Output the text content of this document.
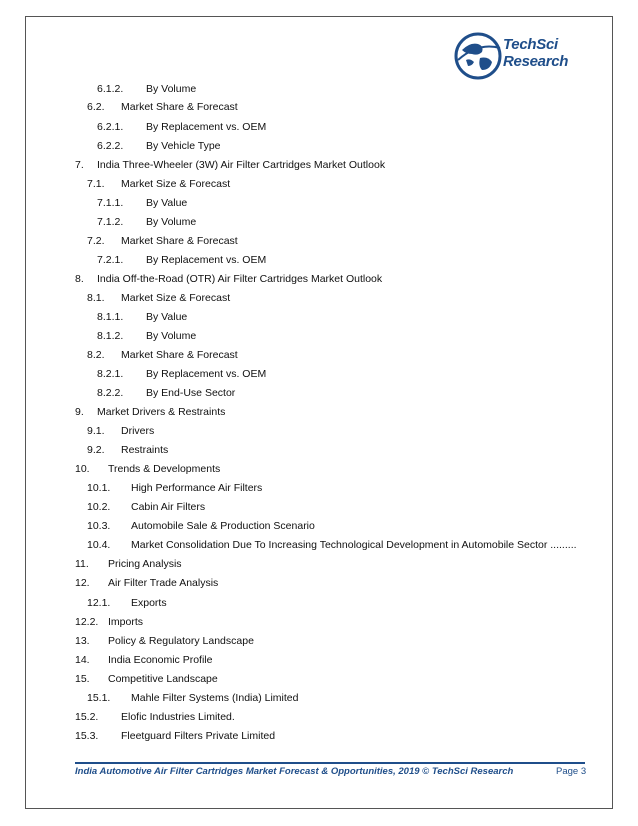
TechSci
Research
6.1.2. By Volume
6.2. Market Share & Forecast
6.2.1. By Replacement vs. OEM
6.2.2. By Vehicle Type
7. India Three-Wheeler (3W) Air Filter Cartridges Market Outlook
7.1. Market Size & Forecast
7.1.1. By Value
7.1.2. By Volume
7.2. Market Share & Forecast
7.2.1. By Replacement vs. OEM
8. India Off-the-Road (OTR) Air Filter Cartridges Market Outlook
8.1. Market Size & Forecast
8.1.1. By Value
8.1.2. By Volume
8.2. Market Share & Forecast
8.2.1. By Replacement vs. OEM
8.2.2. By End-Use Sector
9. Market Drivers & Restraints
9.1. Drivers
9.2. Restraints
10. Trends & Developments
10.1. High Performance Air Filters
10.2. Cabin Air Filters
10.3. Automobile Sale & Production Scenario
10.4. Market Consolidation Due To Increasing Technological Development in Automobile Sector .........
11. Pricing Analysis
12. Air Filter Trade Analysis
12.1. Exports
12.2. Imports
13. Policy & Regulatory Landscape
14. India Economic Profile
15. Competitive Landscape
15.1. Mahle Filter Systems (India) Limited
15.2. Elofic Industries Limited.
15.3. Fleetguard Filters Private Limited
India Automotive Air Filter Cartridges Market Forecast & Opportunities, 2019 © TechSci Research	Page 3
